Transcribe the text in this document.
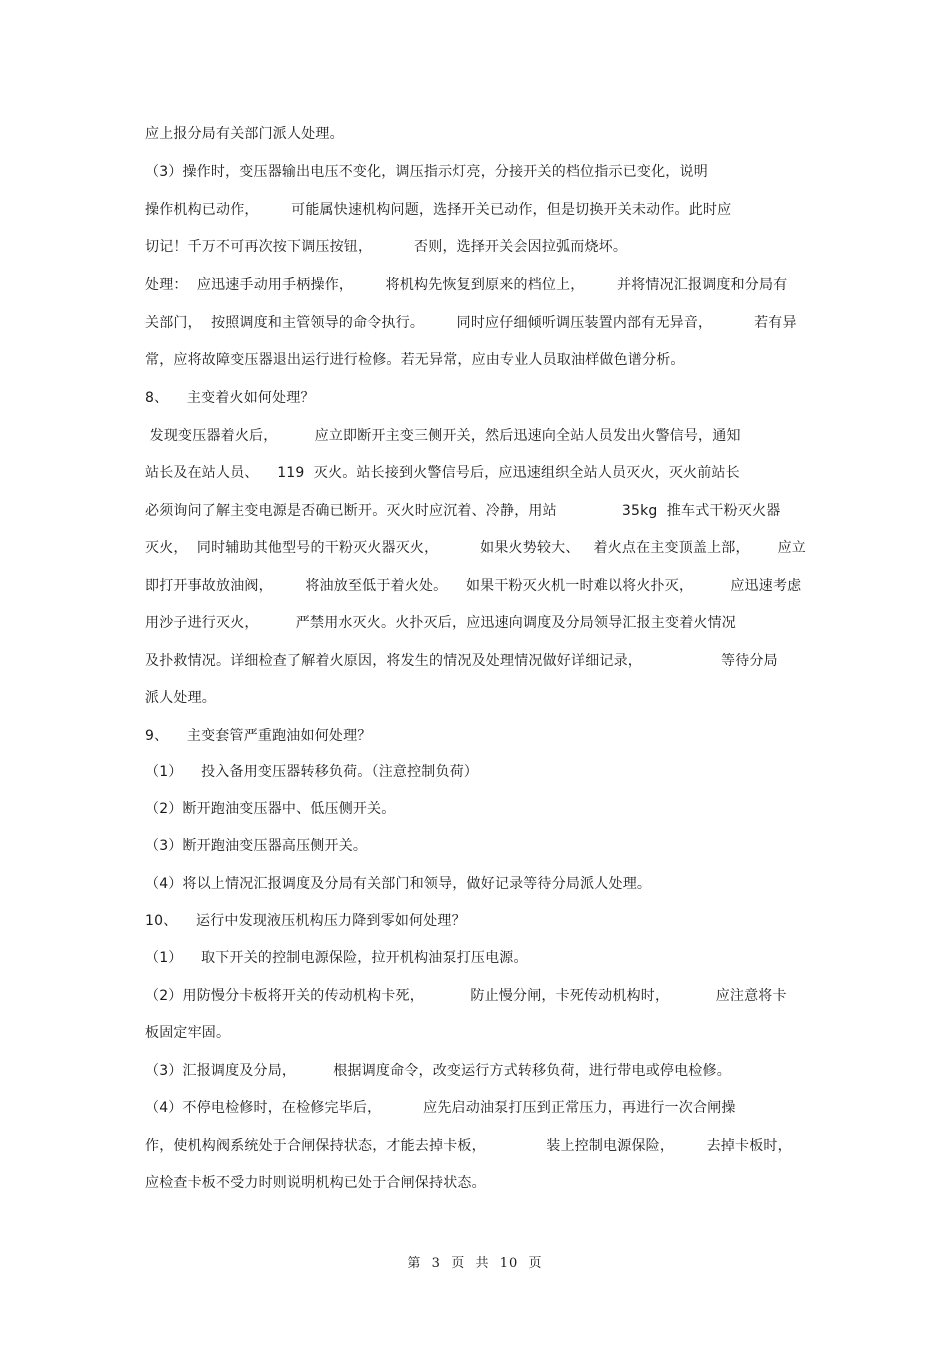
应上报分局有关部门派人处理。
（3）操作时，变压器输出电压不变化，调压指示灯亮，分接开关的档位指示已变化，说明
操作机构已动作，       可能属快速机构问题，选择开关已动作，但是切换开关未动作。此时应
切记！千万不可再次按下调压按钮，         否则，选择开关会因拉弧而烧坏。
处理：  应迅速手动用手柄操作，       将机构先恢复到原来的档位上，       并将情况汇报调度和分局有
关部门，  按照调度和主管领导的命令执行。       同时应仔细倾听调压装置内部有无异音，         若有异
常，应将故障变压器退出运行进行检修。若无异常，应由专业人员取油样做色谱分析。
8、    主变着火如何处理？
发现变压器着火后，        应立即断开主变三侧开关，然后迅速向全站人员发出火警信号，通知
站长及在站人员、    119  灭火。站长接到火警信号后，应迅速组织全站人员灭火，灭火前站长
必须询问了解主变电源是否确已断开。灭火时应沉着、冷静，用站              35kg  推车式干粉灭火器
灭火，  同时辅助其他型号的干粉灭火器灭火，         如果火势较大、   着火点在主变顶盖上部，      应立
即打开事故放油阀，       将油放至低于着火处。    如果干粉灭火机一时难以将火扑灭，        应迅速考虑
用沙子进行灭火，        严禁用水灭火。火扑灭后，应迅速向调度及分局领导汇报主变着火情况
及扑救情况。详细检查了解着火原因，将发生的情况及处理情况做好详细记录，                 等待分局
派人处理。
9、    主变套管严重跑油如何处理？
（1）    投入备用变压器转移负荷。（注意控制负荷）
（2）断开跑油变压器中、低压侧开关。
（3）断开跑油变压器高压侧开关。
（4）将以上情况汇报调度及分局有关部门和领导，做好记录等待分局派人处理。
10、    运行中发现液压机构压力降到零如何处理？
（1）    取下开关的控制电源保险，拉开机构油泵打压电源。
（2）用防慢分卡板将开关的传动机构卡死，          防止慢分闸，卡死传动机构时，          应注意将卡
板固定牢固。
（3）汇报调度及分局，        根据调度命令，改变运行方式转移负荷，进行带电或停电检修。
（4）不停电检修时，在检修完毕后，         应先启动油泵打压到正常压力，再进行一次合闸操
作，使机构阀系统处于合闸保持状态，才能去掉卡板，             装上控制电源保险，       去掉卡板时，
应检查卡板不受力时则说明机构已处于合闸保持状态。
第  3  页  共  10  页
